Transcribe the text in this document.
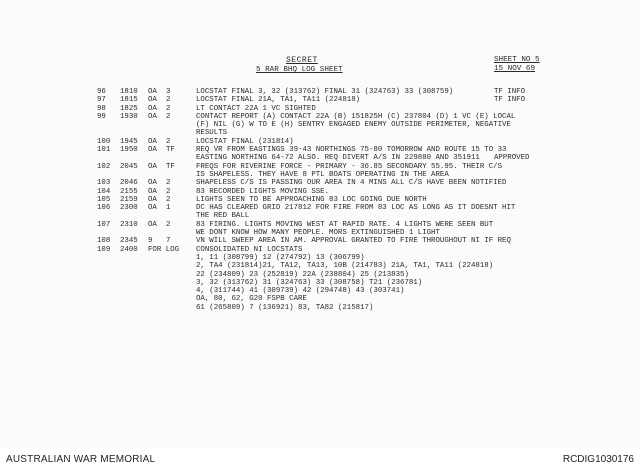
SECRET
5 RAR BHQ LOG SHEET
SHEET NO 5
15 NOV 69
96 1810 OA 3	LOCSTAT FINAL 3, 32 (313762) FINAL 31 (324763) 33 (308759)	TF INFO
97 1815 OA 2	LOCSTAT FINAL 21A, TA1, TA11 (224818)	TF INFO
98 1825 OA 2	LT CONTACT 22A 1 VC SIGHTED
99 1930 OA 2	CONTACT REPORT (A) CONTACT 22A (B) 151825H (C) 237804 (D) 1 VC (E) LOCAL
(F) NIL (G) W TO E (H) SENTRY ENGAGED ENEMY OUTSIDE PERIMETER, NEGATIVE
RESULTS
100 1945 OA 2	LOCSTAT FINAL (231814)
101 1950 OA TF	REQ VR FROM EASTINGS 39-43 NORTHINGS 75-80 TOMORROW AND ROUTE 15 TO 33
EASTING NORTHING 64-72 ALSO. REQ DIVERT A/S IN 229880 AND 351911 APPROVED
102 2045 OA TF	FREQS FOR RIVERINE FORCE - PRIMARY - 36.85 SECONDARY 55.95. THEIR C/S
IS SHAPELESS. THEY HAVE 8 PTL BOATS OPERATING IN THE AREA
103 2046 OA 2	SHAPELESS C/S IS PASSING OUR AREA IN 4 MINS ALL C/S HAVE BEEN NOTIFIED
104 2155 OA 2	83 RECORDED LIGHTS MOVING SSE.
105 2159 OA 2	LIGHTS SEEN TO BE APPROACHING 83 LOC GOING DUE NORTH
106 2300 OA 1	DC HAS CLEARED GRID 217812 FOR FIRE FROM 83 LOC AS LONG AS IT DOESNT HIT
THE RED BALL
107 2310 OA 2	83 FIRING. LIGHTS MOVING WEST AT RAPID RATE. 4 LIGHTS WERE SEEN BUT
WE DONT KNOW HOW MANY PEOPLE. MORS EXTINGUISHED 1 LIGHT
108 2345 9 7	VN WILL SWEEP AREA IN AM. APPROVAL GRANTED TO FIRE THROUGHOUT NI IF REQ
109 2400 FOR LOG CONSOLIDATED NI LOCSTATS
1, 11 (308799) 12 (274792) 13 (306799)
2, TA4 (231814)21, TA12, TA13, 10B (214783) 21A, TA1, TA11 (224818)
22 (234809) 23 (252819) 22A (238804) 25 (213835)
3, 32 (313762) 31 (324763) 33 (308758) T21 (236781)
4, (311744) 41 (309739) 42 (294748) 43 (303741)
OA, 80, 62, G20 FSPB CARE
61 (265809) 7 (136921) 83, TA82 (215817)
AUSTRALIAN WAR MEMORIAL	RCDIG1030176
